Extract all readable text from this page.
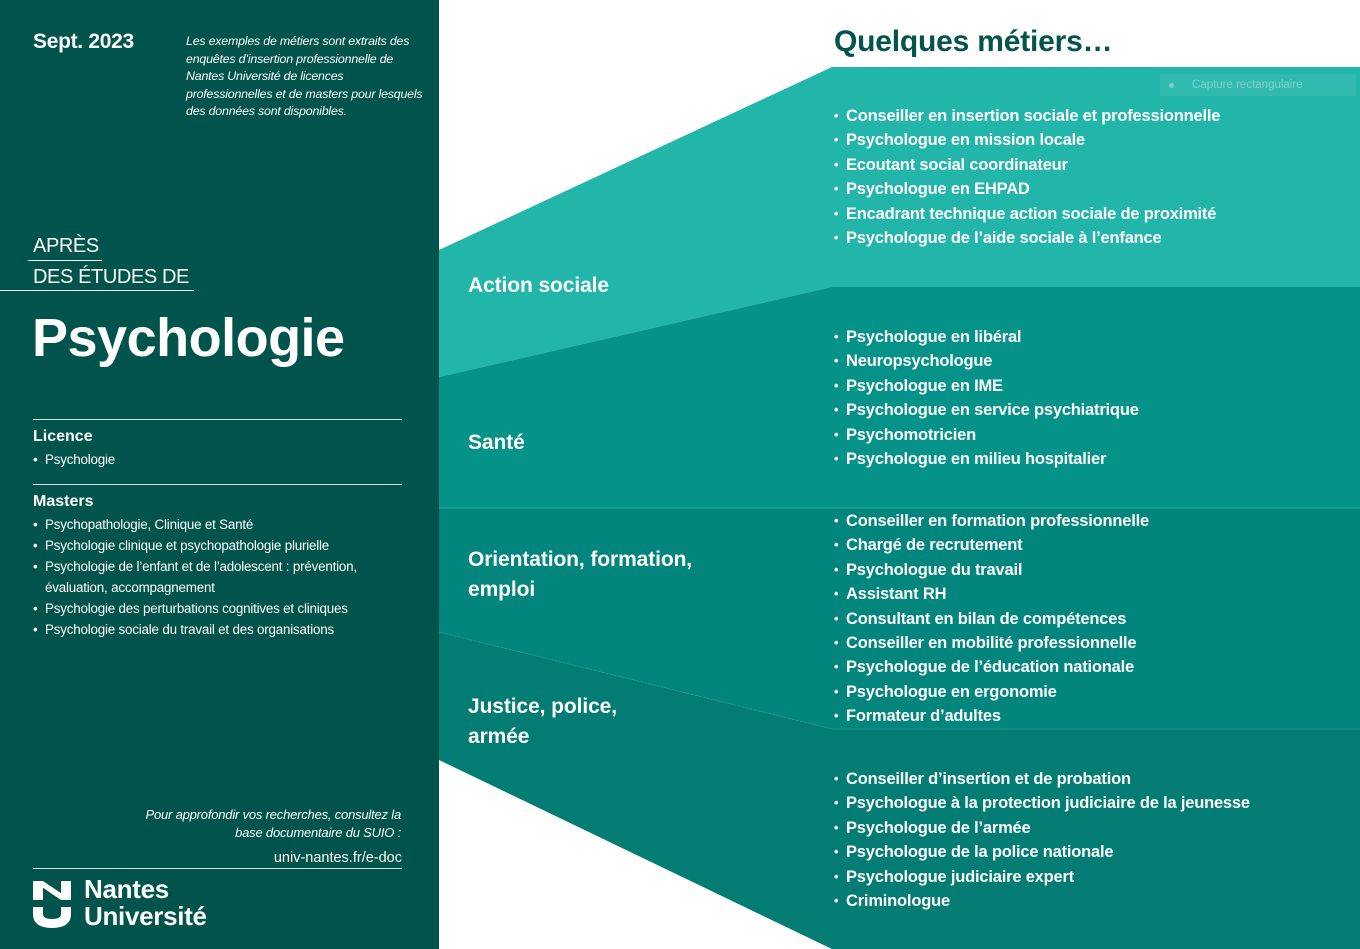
Sept. 2023	Les exemples de métiers sont extraits des enquêtes d’insertion professionnelle de Nantes Université de licences professionnelles et de masters pour lesquels des données sont disponibles.
APRÈS
DES ÉTUDES DE
Psychologie
Licence
• Psychologie
Masters
• Psychopathologie, Clinique et Santé
• Psychologie clinique et psychopathologie plurielle
• Psychologie de l’enfant et de l’adolescent : prévention, évaluation, accompagnement
• Psychologie des perturbations cognitives et cliniques
• Psychologie sociale du travail et des organisations
Pour approfondir vos recherches, consultez la base documentaire du SUIO :
univ-nantes.fr/e-doc
Nantes
Université
Quelques métiers…
Capture rectangulaire
Action sociale
• Conseiller en insertion sociale et professionnelle
• Psychologue en mission locale
• Ecoutant social coordinateur
• Psychologue en EHPAD
• Encadrant technique action sociale de proximité
• Psychologue de l’aide sociale à l’enfance
Santé
• Psychologue en libéral
• Neuropsychologue
• Psychologue en IME
• Psychologue en service psychiatrique
• Psychomotricien
• Psychologue en milieu hospitalier
Orientation, formation,
emploi
• Conseiller en formation professionnelle
• Chargé de recrutement
• Psychologue du travail
• Assistant RH
• Consultant en bilan de compétences
• Conseiller en mobilité professionnelle
• Psychologue de l’éducation nationale
• Psychologue en ergonomie
• Formateur d’adultes
Justice, police,
armée
• Conseiller d’insertion et de probation
• Psychologue à la protection judiciaire de la jeunesse
• Psychologue de l’armée
• Psychologue de la police nationale
• Psychologue judiciaire expert
• Criminologue
